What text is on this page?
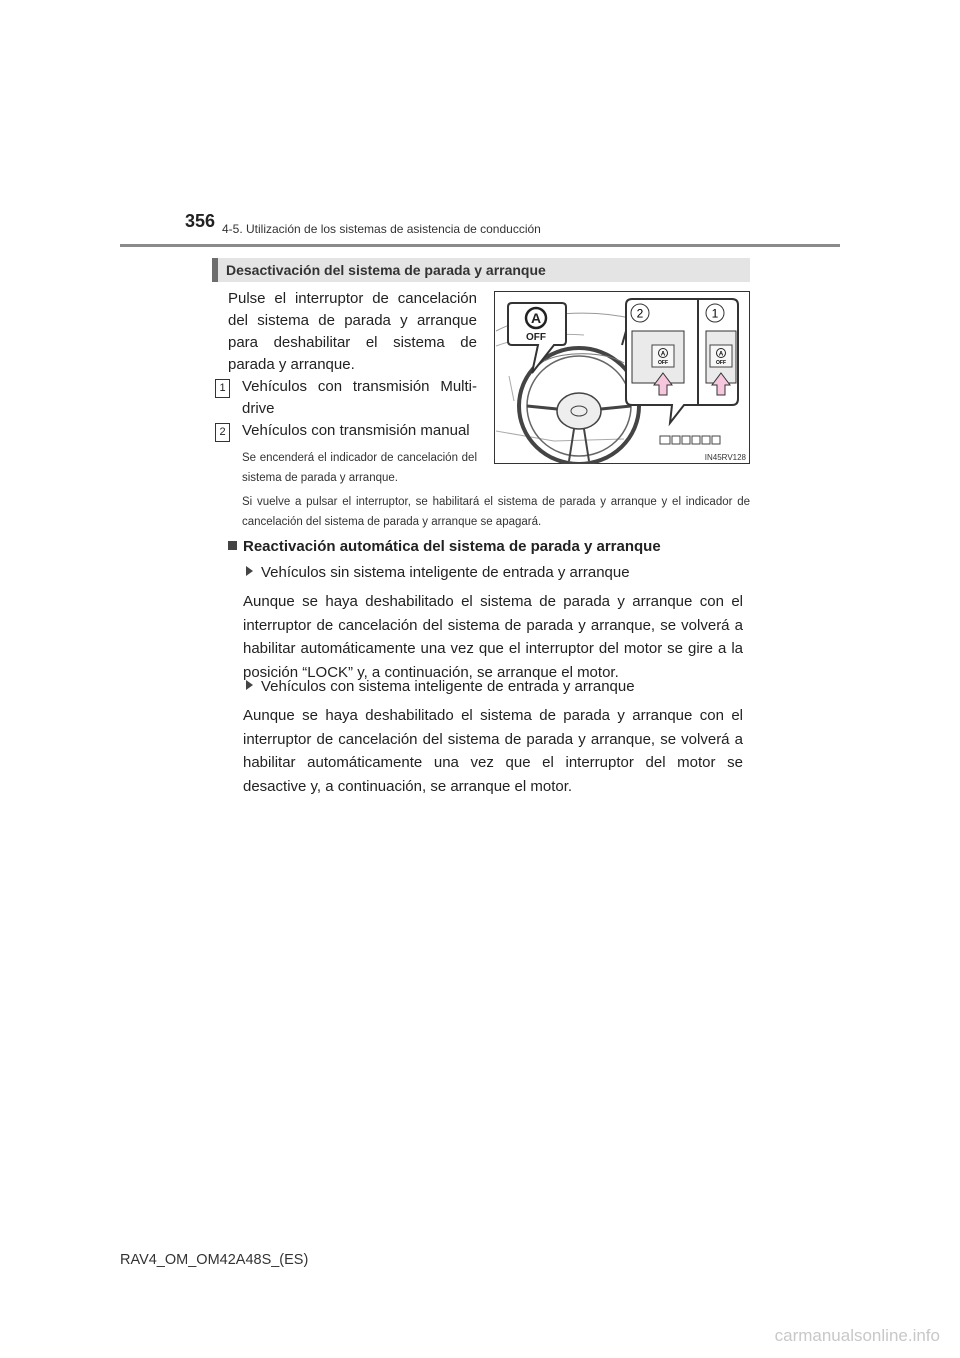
356 4-5. Utilización de los sistemas de asistencia de conducción
Desactivación del sistema de parada y arranque
Pulse el interruptor de cancelación del sistema de parada y arranque para deshabilitar el sistema de parada y arranque.
1 Vehículos con transmisión Multi-drive
2 Vehículos con transmisión manual
Se encenderá el indicador de cancelación del sistema de parada y arranque.
Si vuelve a pulsar el interruptor, se habilitará el sistema de parada y arranque y el indicador de cancelación del sistema de parada y arranque se apagará.
A
OFF
A
OFF
A
OFF
2	1
IN45RV128
Reactivación automática del sistema de parada y arranque
Vehículos sin sistema inteligente de entrada y arranque
Aunque se haya deshabilitado el sistema de parada y arranque con el interruptor de cancelación del sistema de parada y arranque, se volverá a habilitar automáticamente una vez que el interruptor del motor se gire a la posición “LOCK” y, a continuación, se arranque el motor.
Vehículos con sistema inteligente de entrada y arranque
Aunque se haya deshabilitado el sistema de parada y arranque con el interruptor de cancelación del sistema de parada y arranque, se volverá a habilitar automáticamente una vez que el interruptor del motor se desactive y, a continuación, se arranque el motor.
RAV4_OM_OM42A48S_(ES)
carmanualsonline.info
